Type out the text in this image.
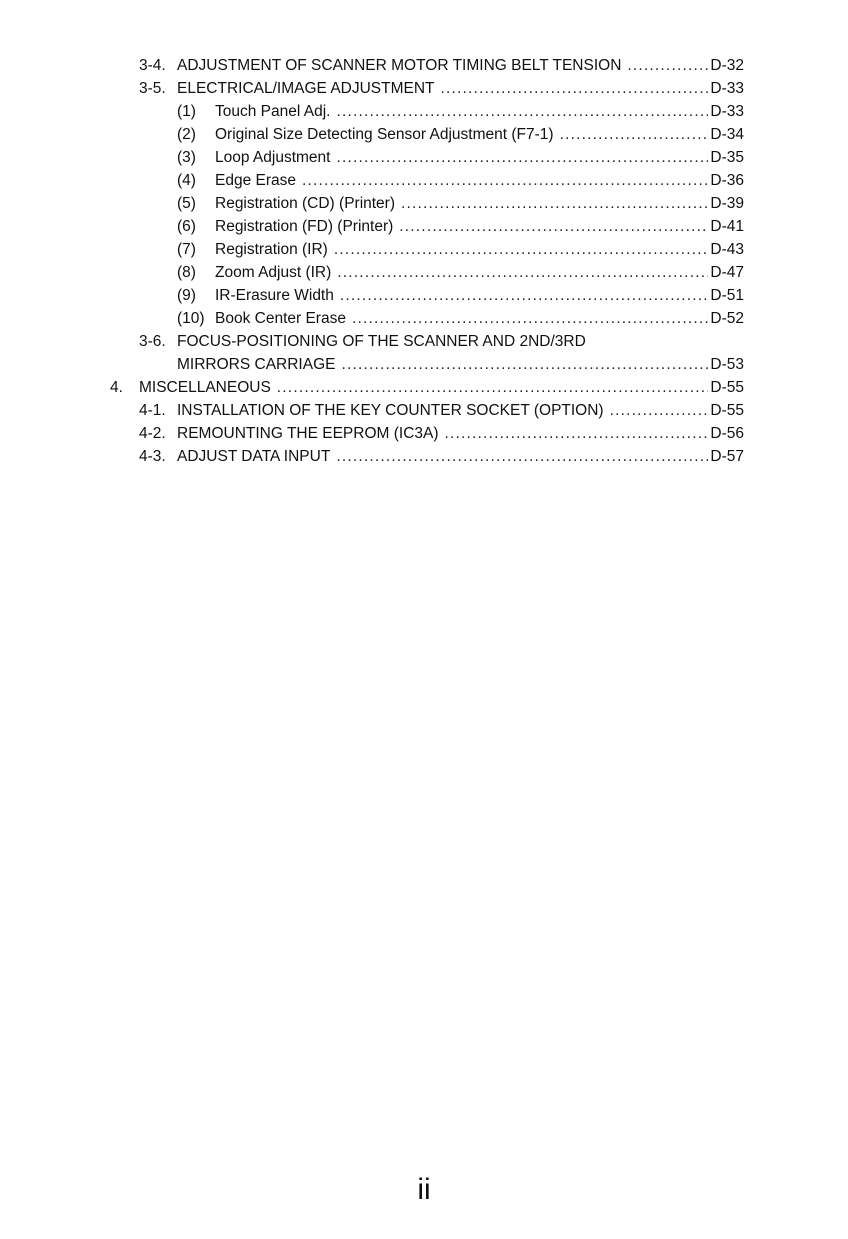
3-4. ADJUSTMENT OF SCANNER MOTOR TIMING BELT TENSION .....	D-32
3-5. ELECTRICAL/IMAGE ADJUSTMENT .....	D-33
(1) Touch Panel Adj. .....	D-33
(2) Original Size Detecting Sensor Adjustment (F7-1) .....	D-34
(3) Loop Adjustment .....	D-35
(4) Edge Erase .....	D-36
(5) Registration (CD) (Printer) .....	D-39
(6) Registration (FD) (Printer) .....	D-41
(7) Registration (IR) .....	D-43
(8) Zoom Adjust (IR) .....	D-47
(9) IR-Erasure Width .....	D-51
(10) Book Center Erase .....	D-52
3-6. FOCUS-POSITIONING OF THE SCANNER AND 2ND/3RD
MIRRORS CARRIAGE .....	D-53
4. MISCELLANEOUS .....	D-55
4-1. INSTALLATION OF THE KEY COUNTER SOCKET (OPTION) .....	D-55
4-2. REMOUNTING THE EEPROM (IC3A) .....	D-56
4-3. ADJUST DATA INPUT .....	D-57
ii
